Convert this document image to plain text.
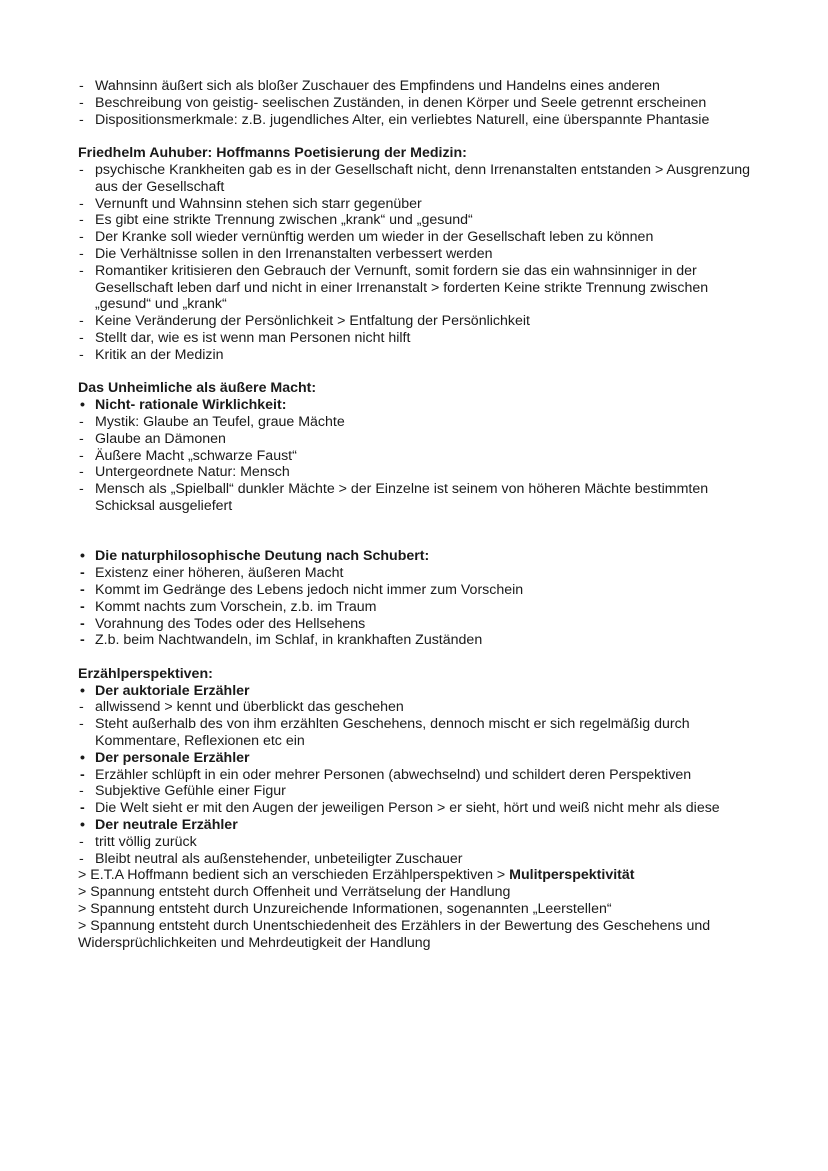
- Wahnsinn äußert sich als bloßer Zuschauer des Empfindens und Handelns eines anderen
- Beschreibung von geistig- seelischen Zuständen, in denen Körper und Seele getrennt erscheinen
- Dispositionsmerkmale: z.B. jugendliches Alter, ein verliebtes Naturell, eine überspannte Phantasie
Friedhelm Auhuber: Hoffmanns Poetisierung der Medizin:
- psychische Krankheiten gab es in der Gesellschaft nicht, denn Irrenanstalten entstanden > Ausgrenzung aus der Gesellschaft
- Vernunft und Wahnsinn stehen sich starr gegenüber
- Es gibt eine strikte Trennung zwischen „krank“ und „gesund“
- Der Kranke soll wieder vernünftig werden um wieder in der Gesellschaft leben zu können
- Die Verhältnisse sollen in den Irrenanstalten verbessert werden
- Romantiker kritisieren den Gebrauch der Vernunft, somit fordern sie das ein wahnsinniger in der Gesellschaft leben darf und nicht in einer Irrenanstalt > forderten Keine strikte Trennung zwischen „gesund“ und „krank“
- Keine Veränderung der Persönlichkeit > Entfaltung der Persönlichkeit
- Stellt dar, wie es ist wenn man Personen nicht hilft
- Kritik an der Medizin
Das Unheimliche als äußere Macht:
• Nicht- rationale Wirklichkeit:
- Mystik: Glaube an Teufel, graue Mächte
- Glaube an Dämonen
- Äußere Macht „schwarze Faust“
- Untergeordnete Natur: Mensch
- Mensch als „Spielball“ dunkler Mächte > der Einzelne ist seinem von höheren Mächte bestimmten Schicksal ausgeliefert
• Die naturphilosophische Deutung nach Schubert:
- Existenz einer höheren, äußeren Macht
- Kommt im Gedränge des Lebens jedoch nicht immer zum Vorschein
- Kommt nachts zum Vorschein, z.b. im Traum
- Vorahnung des Todes oder des Hellsehens
- Z.b. beim Nachtwandeln, im Schlaf, in krankhaften Zuständen
Erzählperspektiven:
• Der auktoriale Erzähler
- allwissend > kennt und überblickt das geschehen
- Steht außerhalb des von ihm erzählten Geschehens, dennoch mischt er sich regelmäßig durch Kommentare, Reflexionen etc ein
• Der personale Erzähler
- Erzähler schlüpft in ein oder mehrer Personen (abwechselnd) und schildert deren Perspektiven
- Subjektive Gefühle einer Figur
- Die Welt sieht er mit den Augen der jeweiligen Person > er sieht, hört und weiß nicht mehr als diese
• Der neutrale Erzähler
- tritt völlig zurück
- Bleibt neutral als außenstehender, unbeteiligter Zuschauer
> E.T.A Hoffmann bedient sich an verschieden Erzählperspektiven > Mulitperspektivität
> Spannung entsteht durch Offenheit und Verrätselung der Handlung
> Spannung entsteht durch Unzureichende Informationen, sogenannten „Leerstellen“
> Spannung entsteht durch Unentschiedenheit des Erzählers in der Bewertung des Geschehens und Widersprüchlichkeiten und Mehrdeutigkeit der Handlung
